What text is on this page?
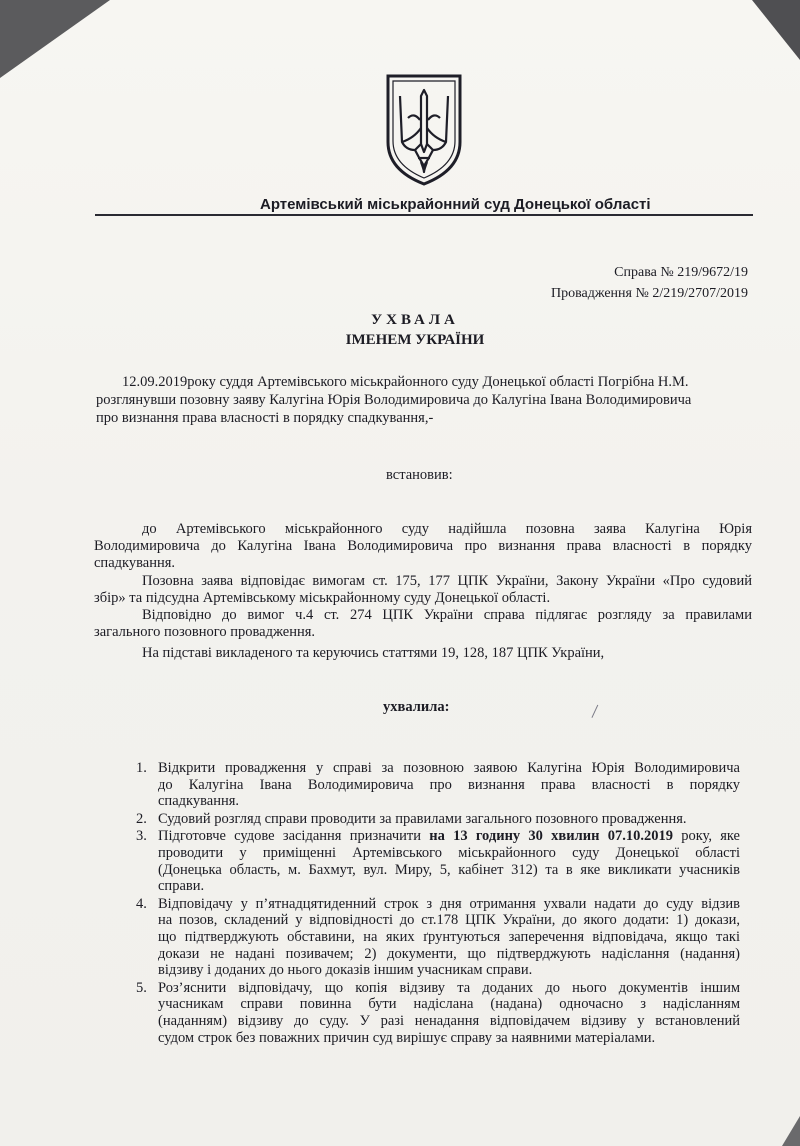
Артемівський міськрайонний суд Донецької області
Справа № 219/9672/19
Провадження № 2/219/2707/2019
УХВАЛА
ІМЕНЕМ УКРАЇНИ
12.09.2019року суддя Артемівського міськрайонного суду Донецької області Погрібна Н.М.
розглянувши позовну заяву Калугіна Юрія Володимировича до Калугіна Івана Володимировича
про визнання права власності в порядку спадкування,-
встановив:
до Артемівського міськрайонного суду надійшла позовна заява Калугіна Юрія
Володимировича до Калугіна Івана Володимировича про визнання права власності в порядку
спадкування.
Позовна заява відповідає вимогам ст. 175, 177 ЦПК України, Закону України «Про судовий
збір» та підсудна Артемівському міськрайонному суду Донецької області.
Відповідно до вимог ч.4 ст. 274 ЦПК України справа підлягає розгляду за правилами
загального позовного провадження.
На підставі викладеного та керуючись статтями 19, 128, 187 ЦПК України,
ухвалила:
1. Відкрити провадження у справі за позовною заявою Калугіна Юрія Володимировича
до Калугіна Івана Володимировича про визнання права власності в порядку
спадкування.
2. Судовий розгляд справи проводити за правилами загального позовного провадження.
3. Підготовче судове засідання призначити на 13 годину 30 хвилин 07.10.2019 року, яке
проводити у приміщенні Артемівського міськрайонного суду Донецької області
(Донецька область, м. Бахмут, вул. Миру, 5, кабінет 312) та в яке викликати учасників
справи.
4. Відповідачу у п’ятнадцятиденний строк з дня отримання ухвали надати до суду відзив
на позов, складений у відповідності до ст.178 ЦПК України, до якого додати: 1) докази,
що підтверджують обставини, на яких ґрунтуються заперечення відповідача, якщо такі
докази не надані позивачем; 2) документи, що підтверджують надіслання (надання)
відзиву і доданих до нього доказів іншим учасникам справи.
5. Роз’яснити відповідачу, що копія відзиву та доданих до нього документів іншим
учасникам справи повинна бути надіслана (надана) одночасно з надісланням
(наданням) відзиву до суду. У разі ненадання відповідачем відзиву у встановлений
судом строк без поважних причин суд вирішує справу за наявними матеріалами.
